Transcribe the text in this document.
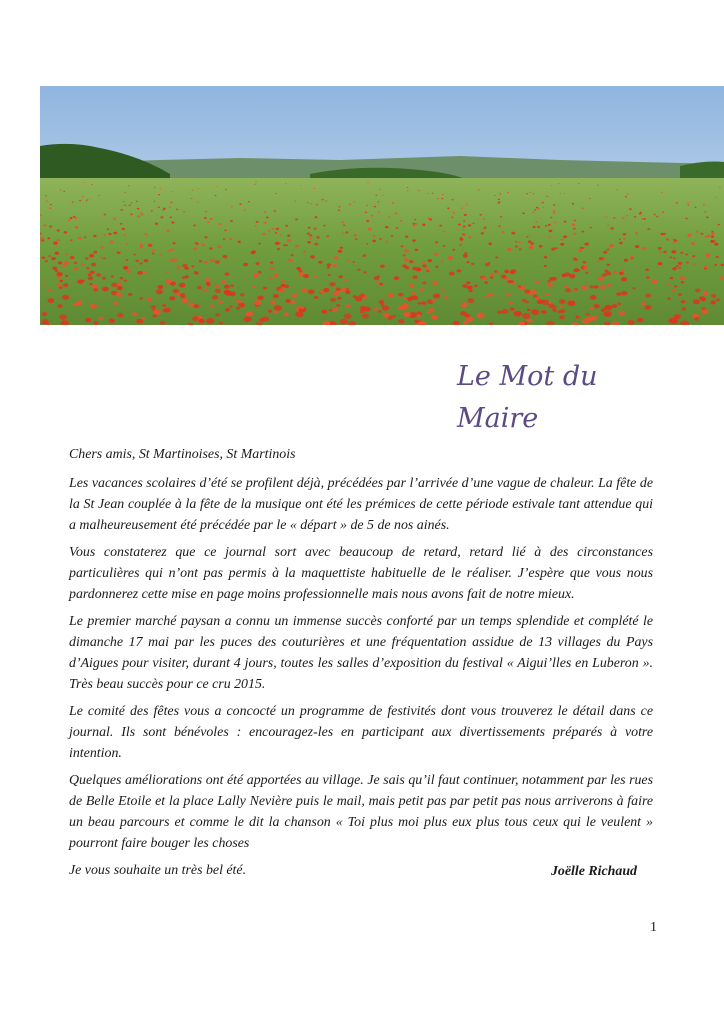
Le Mot du
Maire

Chers amis, St Martinoises, St Martinois

Les vacances scolaires d’été se profilent déjà, précédées par l’arrivée d’une vague de chaleur. La fête de la St Jean couplée à la fête de la musique ont été les prémices de cette période estivale tant attendue qui a malheureusement été précédée par le « départ » de 5 de nos ainés.

Vous constaterez que ce journal sort avec beaucoup de retard, retard lié à des circonstances particulières qui n’ont pas permis à la maquettiste habituelle de le réaliser. J’espère que vous nous pardonnerez cette mise en page moins professionnelle mais nous avons fait de notre mieux.

Le premier marché paysan a connu un immense succès conforté par un temps splendide et complété le dimanche 17 mai par les puces des couturières et une fréquentation assidue de 13 villages du Pays d’Aigues pour visiter, durant 4 jours, toutes les salles d’exposition du festival « Aigui’lles en Luberon ». Très beau succès pour ce cru 2015.

Le comité des fêtes vous a concocté un programme de festivités dont vous trouverez le détail dans ce journal. Ils sont bénévoles : encouragez-les en participant aux divertissements préparés à votre intention.

Quelques améliorations ont été apportées au village. Je sais qu’il faut continuer, notamment par les rues de Belle Etoile et la place Lally Nevière puis le mail, mais petit pas par petit pas nous arriverons à faire un beau parcours et comme le dit la chanson « Toi plus moi plus eux plus tous ceux qui le veulent » pourront faire bouger les choses

Je vous souhaite un très bel été.	Joëlle Richaud
1
